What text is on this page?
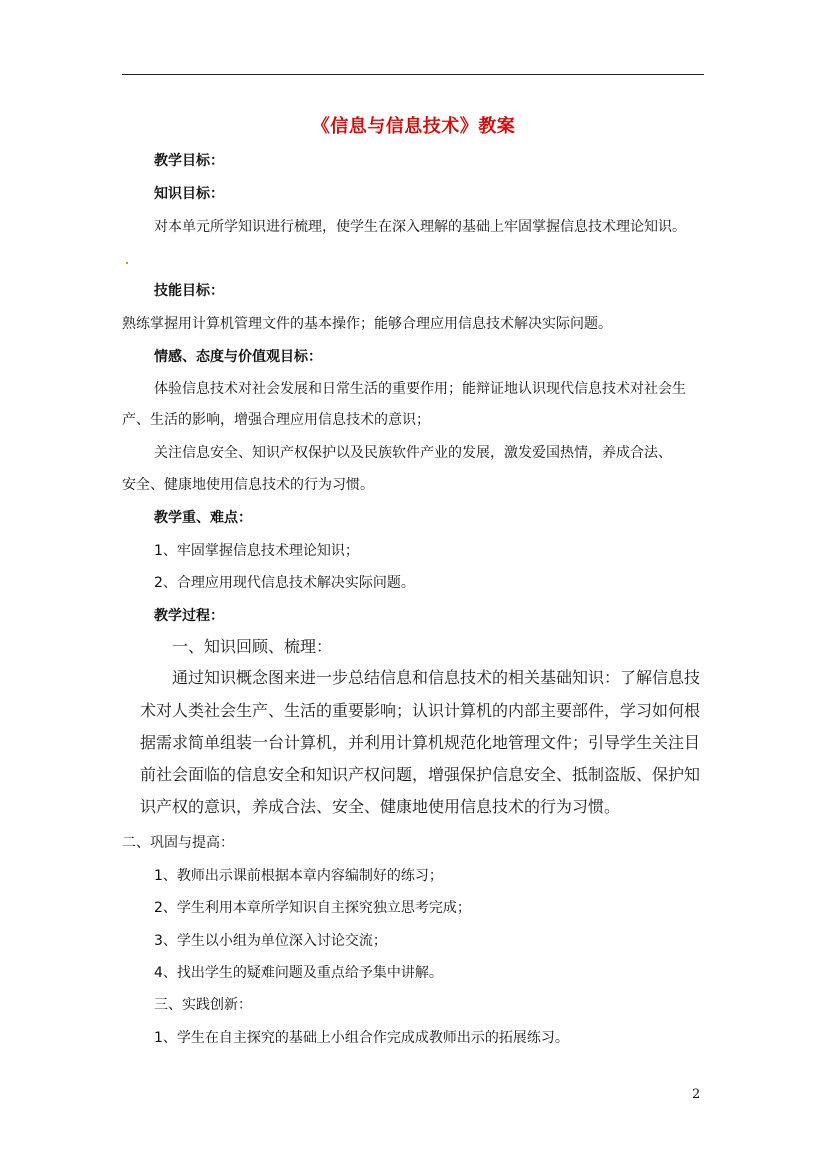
《信息与信息技术》教案
教学目标：
知识目标：
对本单元所学知识进行梳理，使学生在深入理解的基础上牢固掌握信息技术理论知识。
技能目标：
熟练掌握用计算机管理文件的基本操作；能够合理应用信息技术解决实际问题。
情感、态度与价值观目标：
体验信息技术对社会发展和日常生活的重要作用；能辩证地认识现代信息技术对社会生
产、生活的影响，增强合理应用信息技术的意识；
关注信息安全、知识产权保护以及民族软件产业的发展，激发爱国热情，养成合法、
安全、健康地使用信息技术的行为习惯。
教学重、难点：
1、牢固掌握信息技术理论知识；
2、合理应用现代信息技术解决实际问题。
教学过程：
一、知识回顾、梳理：
通过知识概念图来进一步总结信息和信息技术的相关基础知识：了解信息技
术对人类社会生产、生活的重要影响；认识计算机的内部主要部件，学习如何根
据需求简单组装一台计算机，并利用计算机规范化地管理文件；引导学生关注目
前社会面临的信息安全和知识产权问题，增强保护信息安全、抵制盗版、保护知
识产权的意识，养成合法、安全、健康地使用信息技术的行为习惯。
二、巩固与提高：
1、教师出示课前根据本章内容编制好的练习；
2、学生利用本章所学知识自主探究独立思考完成；
3、学生以小组为单位深入讨论交流；
4、找出学生的疑难问题及重点给予集中讲解。
三、实践创新：
1、学生在自主探究的基础上小组合作完成成教师出示的拓展练习。
2
